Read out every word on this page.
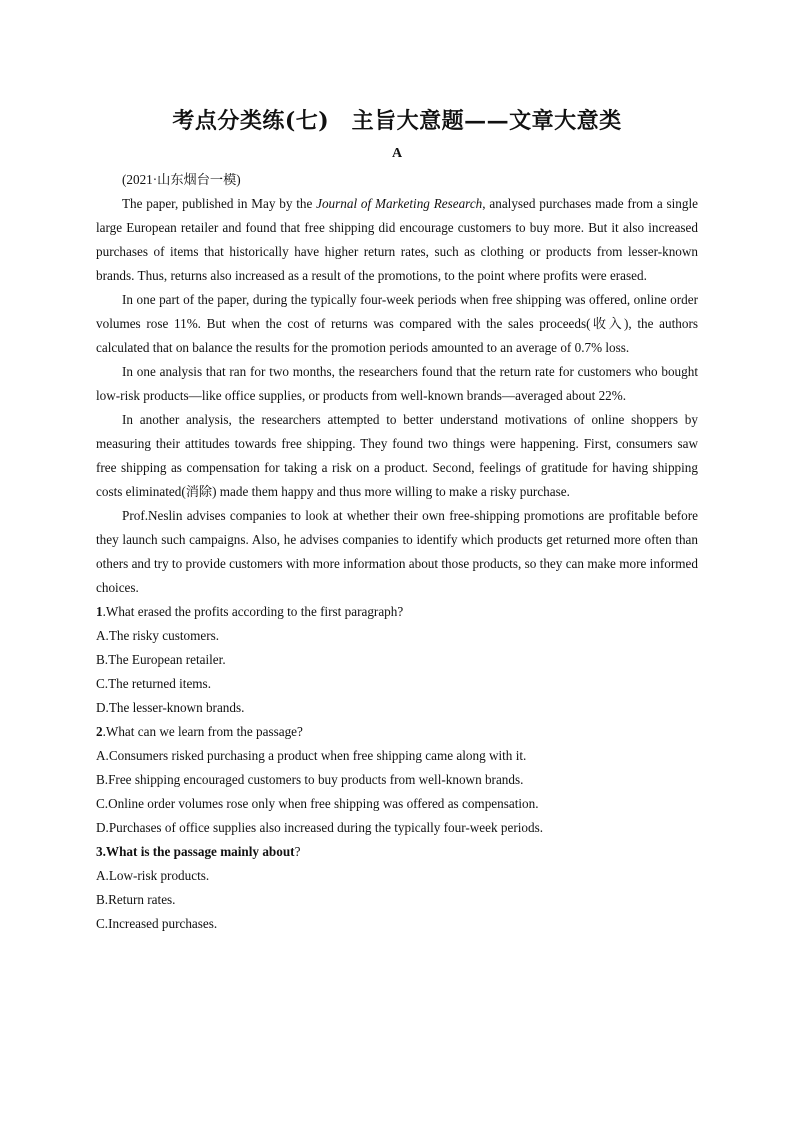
考点分类练(七)　主旨大意题——文章大意类
A
(2021·山东烟台一模)

The paper, published in May by the Journal of Marketing Research, analysed purchases made from a single large European retailer and found that free shipping did encourage customers to buy more. But it also increased purchases of items that historically have higher return rates, such as clothing or products from lesser-known brands. Thus, returns also increased as a result of the promotions, to the point where profits were erased.

In one part of the paper, during the typically four-week periods when free shipping was offered, online order volumes rose 11%. But when the cost of returns was compared with the sales proceeds(收入), the authors calculated that on balance the results for the promotion periods amounted to an average of 0.7% loss.

In one analysis that ran for two months, the researchers found that the return rate for customers who bought low-risk products—like office supplies, or products from well-known brands—averaged about 22%.

In another analysis, the researchers attempted to better understand motivations of online shoppers by measuring their attitudes towards free shipping. They found two things were happening. First, consumers saw free shipping as compensation for taking a risk on a product. Second, feelings of gratitude for having shipping costs eliminated(消除) made them happy and thus more willing to make a risky purchase.

Prof.Neslin advises companies to look at whether their own free-shipping promotions are profitable before they launch such campaigns. Also, he advises companies to identify which products get returned more often than others and try to provide customers with more information about those products, so they can make more informed choices.

1.What erased the profits according to the first paragraph?

A.The risky customers.

B.The European retailer.

C.The returned items.

D.The lesser-known brands.

2.What can we learn from the passage?

A.Consumers risked purchasing a product when free shipping came along with it.

B.Free shipping encouraged customers to buy products from well-known brands.

C.Online order volumes rose only when free shipping was offered as compensation.

D.Purchases of office supplies also increased during the typically four-week periods.

3.What is the passage mainly about?

A.Low-risk products.

B.Return rates.

C.Increased purchases.
